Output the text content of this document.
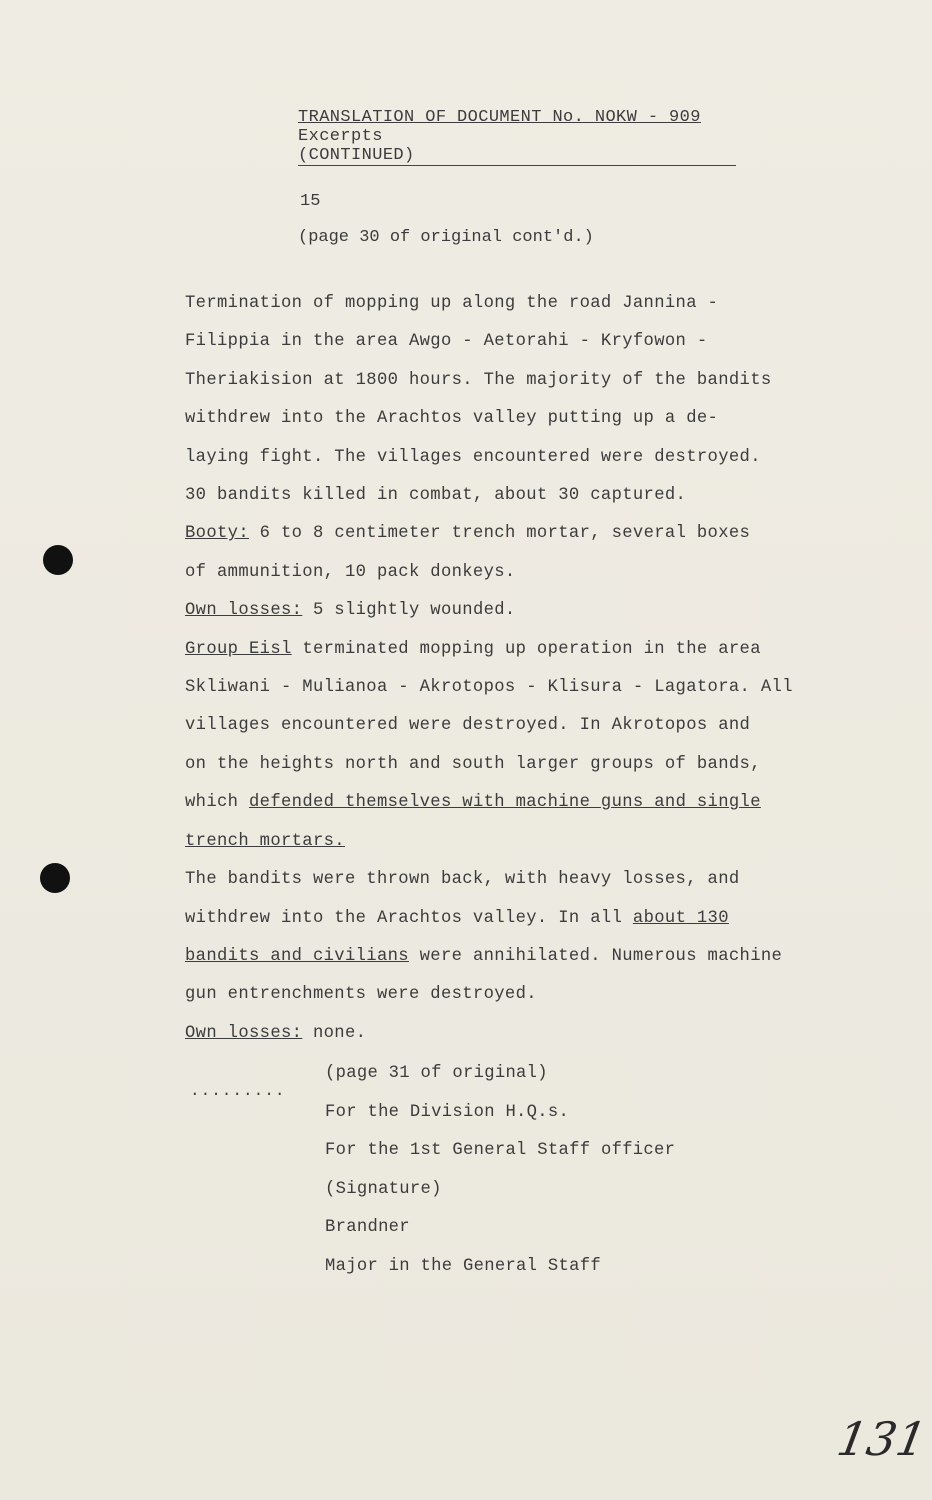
TRANSLATION OF DOCUMENT No. NOKW - 909
Excerpts
(CONTINUED)
15
(page 30 of original cont'd.)
Termination of mopping up along the road Jannina -
Filippia in the area Awgo - Aetorahi - Kryfowon -
Theriakision at 1800 hours. The majority of the bandits
withdrew into the Arachtos valley putting up a de-
laying fight. The villages encountered were destroyed.
30 bandits killed in combat, about 30 captured.
Booty: 6 to 8 centimeter trench mortar, several boxes
of ammunition, 10 pack donkeys.
Own losses: 5 slightly wounded.
Group Eisl terminated mopping up operation in the area
Skliwani - Mulianoa - Akrotopos - Klisura - Lagatora. All
villages encountered were destroyed. In Akrotopos and
on the heights north and south larger groups of bands,
which defended themselves with machine guns and single
trench mortars.
The bandits were thrown back, with heavy losses, and
withdrew into the Arachtos valley. In all about 130
bandits and civilians were annihilated. Numerous machine
gun entrenchments were destroyed.
Own losses: none.
.........
(page 31 of original)
For the Division H.Q.s.
For the 1st General Staff officer
(Signature)
Brandner
Major in the General Staff
131
